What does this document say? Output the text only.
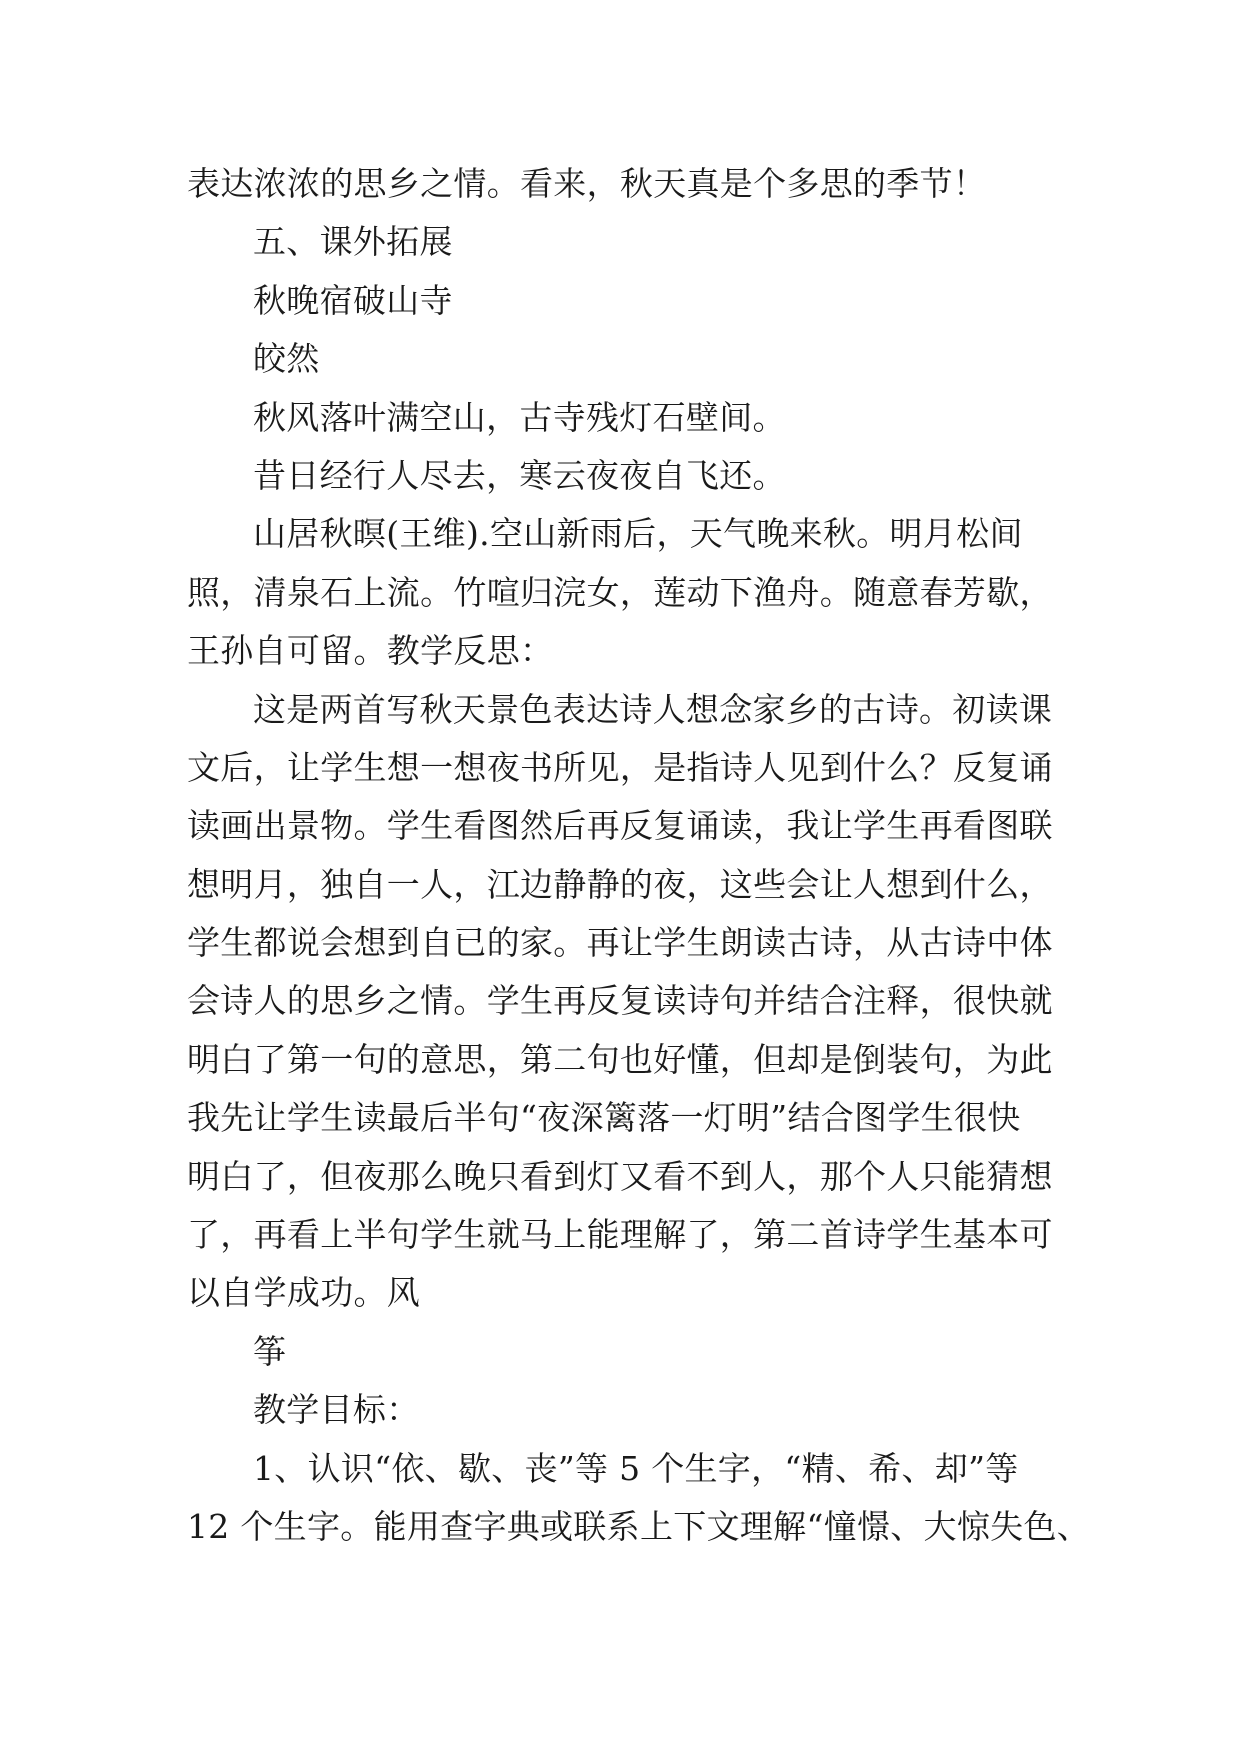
表达浓浓的思乡之情。看来，秋天真是个多思的季节！
五、课外拓展
秋晚宿破山寺
皎然
秋风落叶满空山，古寺残灯石壁间。
昔日经行人尽去，寒云夜夜自飞还。
山居秋暝(王维).空山新雨后，天气晚来秋。明月松间
照，清泉石上流。竹喧归浣女，莲动下渔舟。随意春芳歇，
王孙自可留。教学反思：
这是两首写秋天景色表达诗人想念家乡的古诗。初读课
文后，让学生想一想夜书所见，是指诗人见到什么？反复诵
读画出景物。学生看图然后再反复诵读，我让学生再看图联
想明月，独自一人，江边静静的夜，这些会让人想到什么，
学生都说会想到自已的家。再让学生朗读古诗，从古诗中体
会诗人的思乡之情。学生再反复读诗句并结合注释，很快就
明白了第一句的意思，第二句也好懂，但却是倒装句，为此
我先让学生读最后半句“夜深篱落一灯明”结合图学生很快
明白了，但夜那么晚只看到灯又看不到人，那个人只能猜想
了，再看上半句学生就马上能理解了，第二首诗学生基本可
以自学成功。风
筝
教学目标：
1、认识“依、歇、丧”等 5 个生字，“精、希、却”等
12 个生字。能用查字典或联系上下文理解“憧憬、大惊失色、
